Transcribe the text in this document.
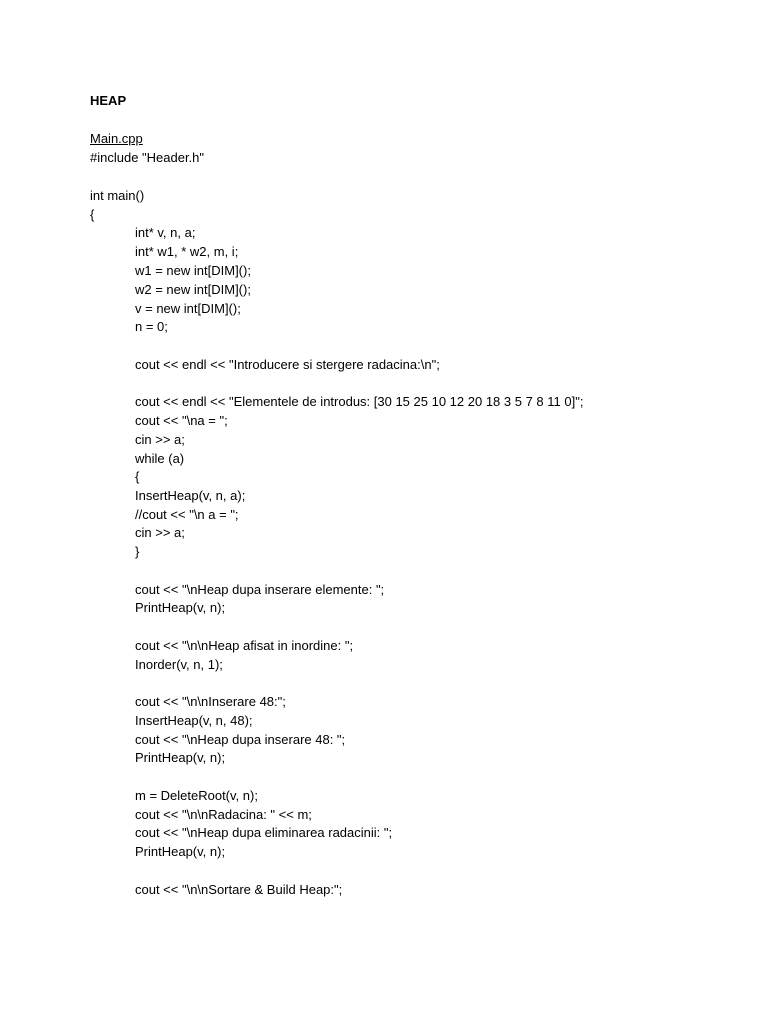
HEAP
Main.cpp
#include "Header.h"
int main()
{
int* v, n, a;
int* w1, * w2, m, i;
w1 = new int[DIM]();
w2 = new int[DIM]();
v = new int[DIM]();
n = 0;
cout << endl << "Introducere si stergere radacina:\n";
cout << endl << "Elementele de introdus: [30 15 25 10 12 20 18 3 5 7 8 11 0]";
cout << "\na = ";
cin >> a;
while (a)
{
InsertHeap(v, n, a);
//cout << "\n a = ";
cin >> a;
}
cout << "\nHeap dupa inserare elemente: ";
PrintHeap(v, n);
cout << "\n\nHeap afisat in inordine: ";
Inorder(v, n, 1);
cout << "\n\nInserare 48:";
InsertHeap(v, n, 48);
cout << "\nHeap dupa inserare 48: ";
PrintHeap(v, n);
m = DeleteRoot(v, n);
cout << "\n\nRadacina: " << m;
cout << "\nHeap dupa eliminarea radacinii: ";
PrintHeap(v, n);
cout << "\n\nSortare & Build Heap:";
